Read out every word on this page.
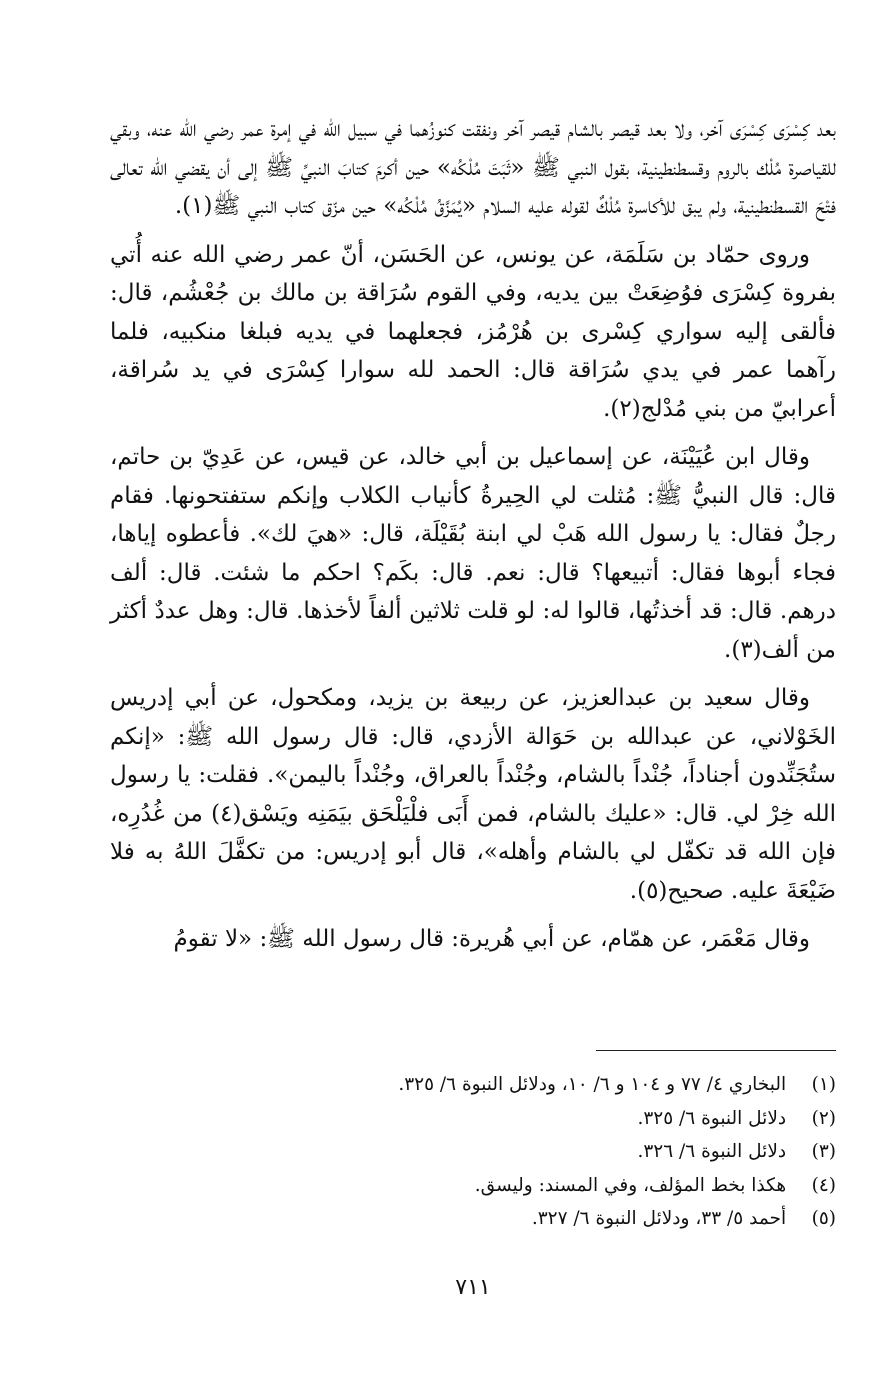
بعد كِسْرَى كِسْرَى آخر، ولا بعد قيصر بالشام قيصر آخر ونفقت كنوزُهما في سبيل الله في إمرة عمر رضي الله عنه، وبقي للقياصرة مُلْك بالروم وقسطنطينية، بقول النبي ﷺ «ثَبَتَ مُلْكُه» حين أكرمَ كتابَ النبيِّ ﷺ إلى أن يقضي الله تعالى فتْحَ القسطنطينية، ولم يبق للأكاسرة مُلْكٌ لقوله عليه السلام «يُمَزَّقُ مُلْكُه» حين مزّق كتاب النبي ﷺ(١).

وروى حمّاد بن سَلَمَة، عن يونس، عن الحَسَن، أنّ عمر رضي الله عنه أُتي بفروة كِسْرَى فوُضِعَتْ بين يديه، وفي القوم سُرَاقة بن مالك بن جُعْشُم، قال: فألقى إليه سواري كِسْرى بن هُرْمُز، فجعلهما في يديه فبلغا منكبيه، فلما رآهما عمر في يدي سُرَاقة قال: الحمد لله سوارا كِسْرَى في يد سُراقة، أعرابيّ من بني مُدْلج(٢).

وقال ابن عُيَيْنَة، عن إسماعيل بن أبي خالد، عن قيس، عن عَدِيّ بن حاتم، قال: قال النبيُّ ﷺ: مُثلت لي الحِيرةُ كأنياب الكلاب وإنكم ستفتحونها. فقام رجلٌ فقال: يا رسول الله هَبْ لي ابنة بُقَيْلَة، قال: «هيَ لك». فأعطوه إياها، فجاء أبوها فقال: أتبيعها؟ قال: نعم. قال: بكَم؟ احكم ما شئت. قال: ألف درهم. قال: قد أخذتُها، قالوا له: لو قلت ثلاثين ألفاً لأخذها. قال: وهل عددٌ أكثر من ألف(٣).

وقال سعيد بن عبدالعزيز، عن ربيعة بن يزيد، ومكحول، عن أبي إدريس الخَوْلاني، عن عبدالله بن حَوَالة الأزدي، قال: قال رسول الله ﷺ: «إنكم ستُجَنِّدون أجناداً، جُنْداً بالشام، وجُنْداً بالعراق، وجُنْداً باليمن». فقلت: يا رسول الله خِرْ لي. قال: «عليك بالشام، فمن أَبَى فلْيَلْحَق بيَمَنِه ويَسْق(٤) من غُدُرِه، فإن الله قد تكفّل لي بالشام وأهله»، قال أبو إدريس: من تكفَّلَ اللهُ به فلا ضَيْعَةَ عليه. صحيح(٥).

وقال مَعْمَر، عن همّام، عن أبي هُريرة: قال رسول الله ﷺ: «لا تقومُ

(١) البخاري ٤/ ٧٧ و ١٠٤ و ٦/ ١٠، ودلائل النبوة ٦/ ٣٢٥.
(٢) دلائل النبوة ٦/ ٣٢٥.
(٣) دلائل النبوة ٦/ ٣٢٦.
(٤) هكذا بخط المؤلف، وفي المسند: وليسق.
(٥) أحمد ٥/ ٣٣، ودلائل النبوة ٦/ ٣٢٧.
٧١١
